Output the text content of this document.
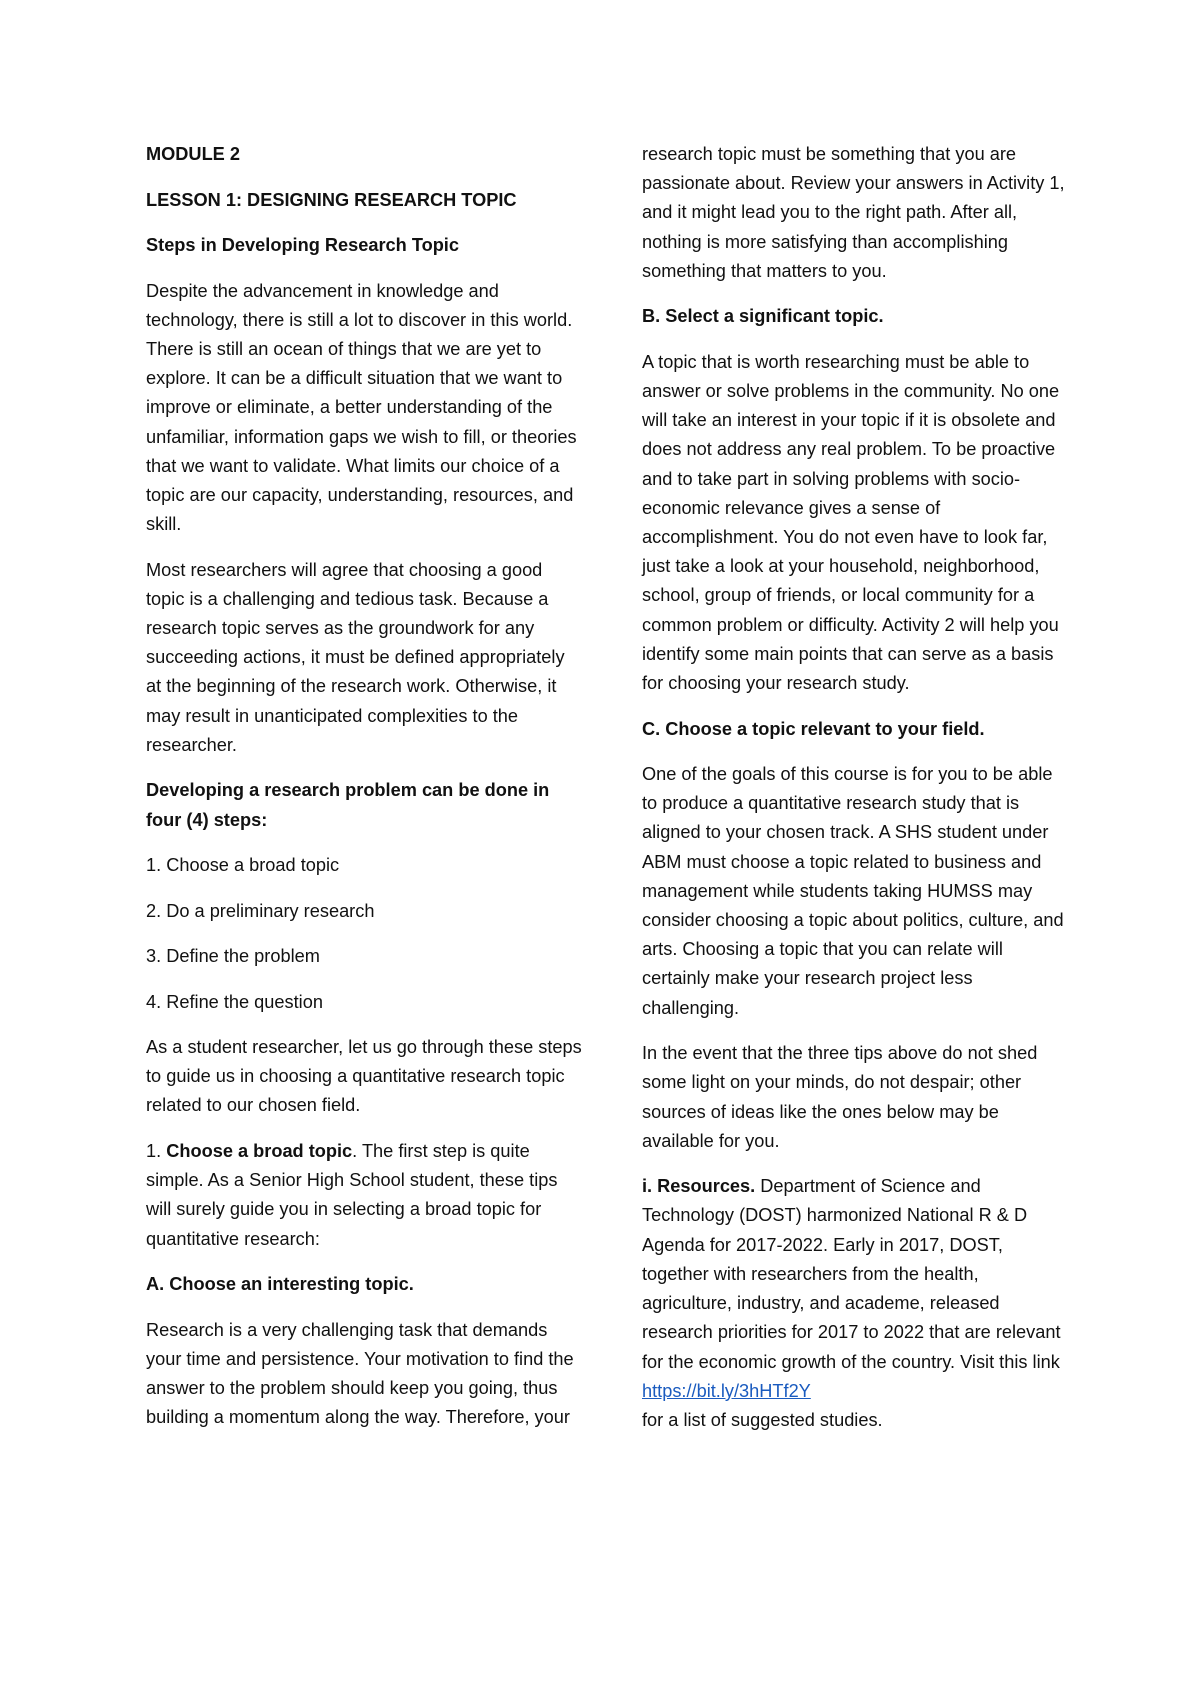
MODULE 2

LESSON 1: DESIGNING RESEARCH TOPIC

Steps in Developing Research Topic

Despite the advancement in knowledge and technology, there is still a lot to discover in this world. There is still an ocean of things that we are yet to explore. It can be a difficult situation that we want to improve or eliminate, a better understanding of the unfamiliar, information gaps we wish to fill, or theories that we want to validate. What limits our choice of a topic are our capacity, understanding, resources, and skill.

Most researchers will agree that choosing a good topic is a challenging and tedious task. Because a research topic serves as the groundwork for any succeeding actions, it must be defined appropriately at the beginning of the research work. Otherwise, it may result in unanticipated complexities to the researcher.

Developing a research problem can be done in four (4) steps:

1. Choose a broad topic

2. Do a preliminary research

3. Define the problem

4. Refine the question

As a student researcher, let us go through these steps to guide us in choosing a quantitative research topic related to our chosen field.

1. Choose a broad topic. The first step is quite simple. As a Senior High School student, these tips will surely guide you in selecting a broad topic for quantitative research:

A. Choose an interesting topic.

Research is a very challenging task that demands your time and persistence. Your motivation to find the answer to the problem should keep you going, thus building a momentum along the way. Therefore, your

research topic must be something that you are passionate about. Review your answers in Activity 1, and it might lead you to the right path. After all, nothing is more satisfying than accomplishing something that matters to you.

B. Select a significant topic.

A topic that is worth researching must be able to answer or solve problems in the community. No one will take an interest in your topic if it is obsolete and does not address any real problem. To be proactive and to take part in solving problems with socio-economic relevance gives a sense of accomplishment. You do not even have to look far, just take a look at your household, neighborhood, school, group of friends, or local community for a common problem or difficulty. Activity 2 will help you identify some main points that can serve as a basis for choosing your research study.

C. Choose a topic relevant to your field.

One of the goals of this course is for you to be able to produce a quantitative research study that is aligned to your chosen track. A SHS student under ABM must choose a topic related to business and management while students taking HUMSS may consider choosing a topic about politics, culture, and arts. Choosing a topic that you can relate will certainly make your research project less challenging.

In the event that the three tips above do not shed some light on your minds, do not despair; other sources of ideas like the ones below may be available for you.

i. Resources. Department of Science and Technology (DOST) harmonized National R & D Agenda for 2017-2022. Early in 2017, DOST, together with researchers from the health, agriculture, industry, and academe, released research priorities for 2017 to 2022 that are relevant for the economic growth of the country. Visit this link https://bit.ly/3hHTf2Y
for a list of suggested studies.
